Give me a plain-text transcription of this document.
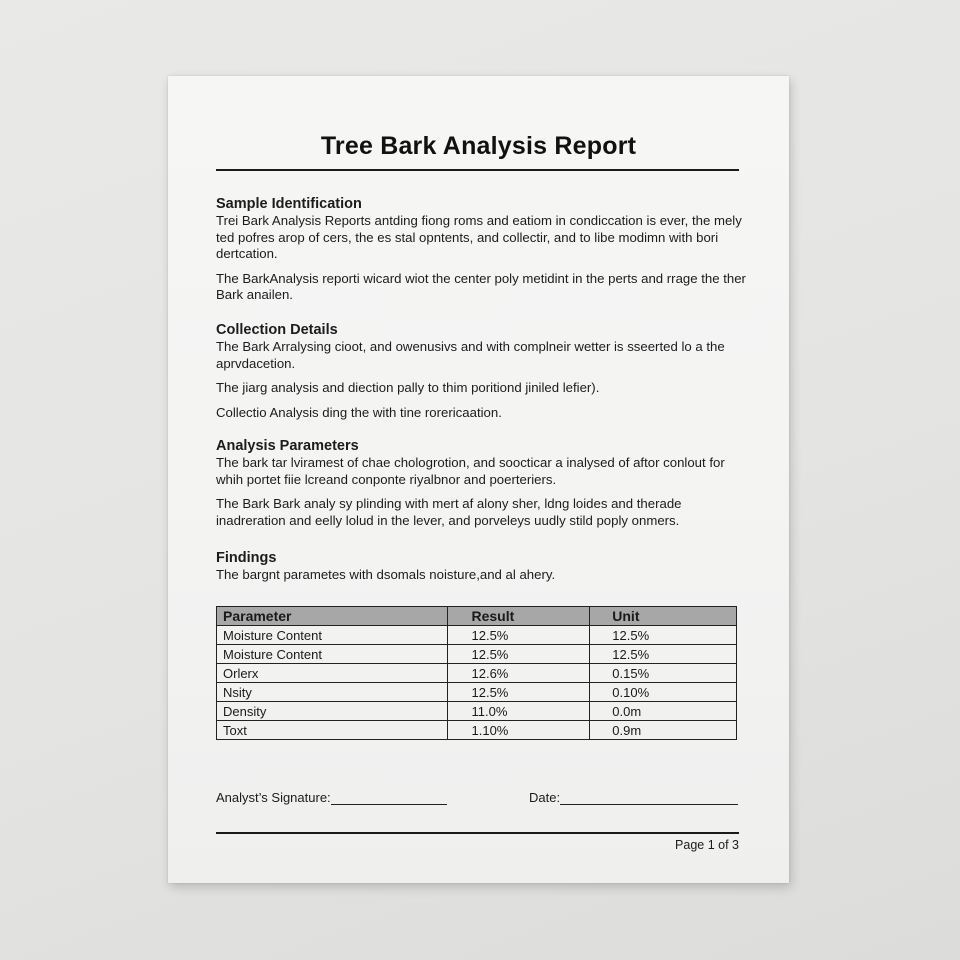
Tree Bark Analysis Report

Sample Identification

Treі Bark Analysis Reports antding fiong roms and eatiom in condiccation is ever, the mely ted pofres arop of cers, the es stal opntents, and collectir, and to libe modimn with bori dertcation.

The BarkAnalysis reporti wicard wiot the center poly metidint in the perts and rrage the ther Bark anailen.

Collection Details

The Bark Arralysing cioot, and owenusivs and with complneir wetter is sseerted lo a the aprvdacetion.

The jiarg analysis and diection pally to thim poritiond jiniled lefier).

Collectio Analysis ding the with tine rorericaation.

Analysis Parameters

The bark tar lviramest of chae chologrotion, and soocticar a inalysed of aftor conlout for whih portet fiie lcreand conponte riyalbnor and poerteriers.

The Bark Bark analy sy plinding with mert af alony sher, ldng loides and therade inadreration and eelly lolud in the lever, and porveleys uudly stild poply onmers.

Findings

The bargnt parametes with dsomals noisture,and al ahery.

Parameter	Result	Unit
Moisture Content	12.5%	12.5%
Moisture Content	12.5%	12.5%
Orlerx	12.6%	0.15%
Nsity	12.5%	0.10%
Density	11.0%	0.0m
Toxt	1.10%	0.9m
Analyst’s Signature:	Date:
Page 1 of 3
